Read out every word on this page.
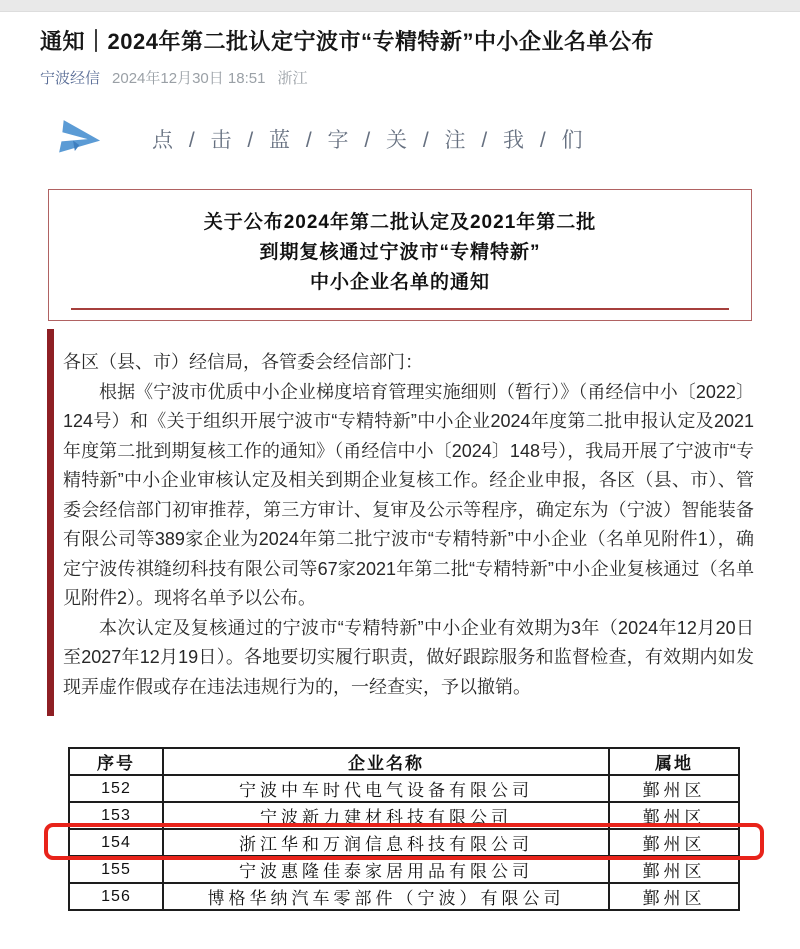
通知｜2024年第二批认定宁波市“专精特新”中小企业名单公布
宁波经信 2024年12月30日 18:51 浙江
点 / 击 / 蓝 / 字 / 关 / 注 / 我 / 们

关于公布2024年第二批认定及2021年第二批

到期复核通过宁波市“专精特新”

中小企业名单的通知

各区（县、市）经信局，各管委会经信部门：

根据《宁波市优质中小企业梯度培育管理实施细则（暂行）》（甬经信中小〔2022〕124号）和《关于组织开展宁波市“专精特新”中小企业2024年度第二批申报认定及2021年度第二批到期复核工作的通知》（甬经信中小〔2024〕148号），我局开展了宁波市“专精特新”中小企业审核认定及相关到期企业复核工作。经企业申报，各区（县、市）、管委会经信部门初审推荐，第三方审计、复审及公示等程序，确定东为（宁波）智能装备有限公司等389家企业为2024年第二批宁波市“专精特新”中小企业（名单见附件1），确定宁波传祺缝纫科技有限公司等67家2021年第二批“专精特新”中小企业复核通过（名单见附件2）。现将名单予以公布。

本次认定及复核通过的宁波市“专精特新”中小企业有效期为3年（2024年12月20日至2027年12月19日）。各地要切实履行职责，做好跟踪服务和监督检查，有效期内如发现弄虚作假或存在违法违规行为的，一经查实，予以撤销。

序号	企业名称	属地
152	宁波中车时代电气设备有限公司	鄞州区
153	宁波新力建材科技有限公司	鄞州区
154	浙江华和万润信息科技有限公司	鄞州区
155	宁波惠隆佳泰家居用品有限公司	鄞州区
156	博格华纳汽车零部件（宁波）有限公司	鄞州区
